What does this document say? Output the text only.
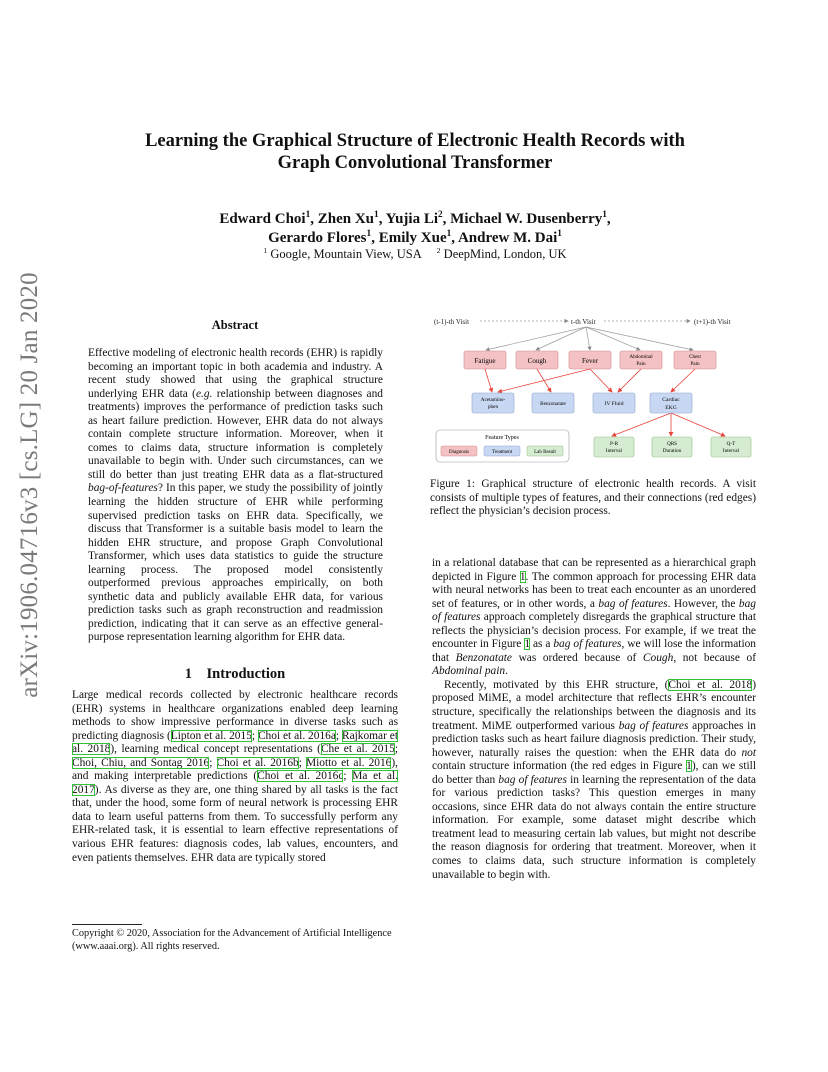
arXiv:1906.04716v3 [cs.LG] 20 Jan 2020
Learning the Graphical Structure of Electronic Health Records with
Graph Convolutional Transformer
Edward Choi$^1$, Zhen Xu$^1$, Yujia Li$^2$, Michael W. Dusenberry$^1$,
Gerardo Flores$^1$, Emily Xue$^1$, Andrew M. Dai$^1$
$^1$ Google, Mountain View, USA $^2$ DeepMind, London, UK
Abstract

Effective modeling of electronic health records (EHR) is rapidly becoming an important topic in both academia and industry. A recent study showed that using the graphical structure underlying EHR data (e.g. relationship between diagnoses and treatments) improves the performance of prediction tasks such as heart failure prediction. However, EHR data do not always contain complete structure information. Moreover, when it comes to claims data, structure information is completely unavailable to begin with. Under such circumstances, can we still do better than just treating EHR data as a flat-structured bag-of-features? In this paper, we study the possibility of jointly learning the hidden structure of EHR while performing supervised prediction tasks on EHR data. Specifically, we discuss that Transformer is a suitable basis model to learn the hidden EHR structure, and propose Graph Convolutional Transformer, which uses data statistics to guide the structure learning process. The proposed model consistently outperformed previous approaches empirically, on both synthetic data and publicly available EHR data, for various prediction tasks such as graph reconstruction and readmission prediction, indicating that it can serve as an effective general-purpose representation learning algorithm for EHR data.

1    Introduction

Large medical records collected by electronic healthcare records (EHR) systems in healthcare organizations enabled deep learning methods to show impressive performance in diverse tasks such as predicting diagnosis (Lipton et al. 2015; Choi et al. 2016a; Rajkomar et al. 2018), learning medical concept representations (Che et al. 2015; Choi, Chiu, and Sontag 2016; Choi et al. 2016b; Miotto et al. 2016), and making interpretable predictions (Choi et al. 2016c; Ma et al. 2017). As diverse as they are, one thing shared by all tasks is the fact that, under the hood, some form of neural network is processing EHR data to learn useful patterns from them. To successfully perform any EHR-related task, it is essential to learn effective representations of various EHR features: diagnosis codes, lab values, encounters, and even patients themselves. EHR data are typically stored

Copyright © 2020, Association for the Advancement of Artificial Intelligence (www.aaai.org). All rights reserved.
(t-1)-th Visit	t-th Visit	(t+1)-th Visit
Fatigue	Cough	Fever	Abdominal
Pain
Chest
Pain
Acetamino-
phen	Benzonatate	IV Fluid
Cardiac
EKG
P-R
Interval
QRS
Duration
Q-T
Interval
Feature Types
Diagnosis	Treatment	Lab Result
Figure 1: Graphical structure of electronic health records. A visit consists of multiple types of features, and their connections (red edges) reflect the physician’s decision process.

in a relational database that can be represented as a hierarchical graph depicted in Figure 1. The common approach for processing EHR data with neural networks has been to treat each encounter as an unordered set of features, or in other words, a bag of features. However, the bag of features approach completely disregards the graphical structure that reflects the physician’s decision process. For example, if we treat the encounter in Figure 1 as a bag of features, we will lose the information that Benzonatate was ordered because of Cough, not because of Abdominal pain.

Recently, motivated by this EHR structure, (Choi et al. 2018) proposed MiME, a model architecture that reflects EHR’s encounter structure, specifically the relationships between the diagnosis and its treatment. MiME outperformed various bag of features approaches in prediction tasks such as heart failure diagnosis prediction. Their study, however, naturally raises the question: when the EHR data do not contain structure information (the red edges in Figure 1), can we still do better than bag of features in learning the representation of the data for various prediction tasks? This question emerges in many occasions, since EHR data do not always contain the entire structure information. For example, some dataset might describe which treatment lead to measuring certain lab values, but might not describe the reason diagnosis for ordering that treatment. Moreover, when it comes to claims data, such structure information is completely unavailable to begin with.
